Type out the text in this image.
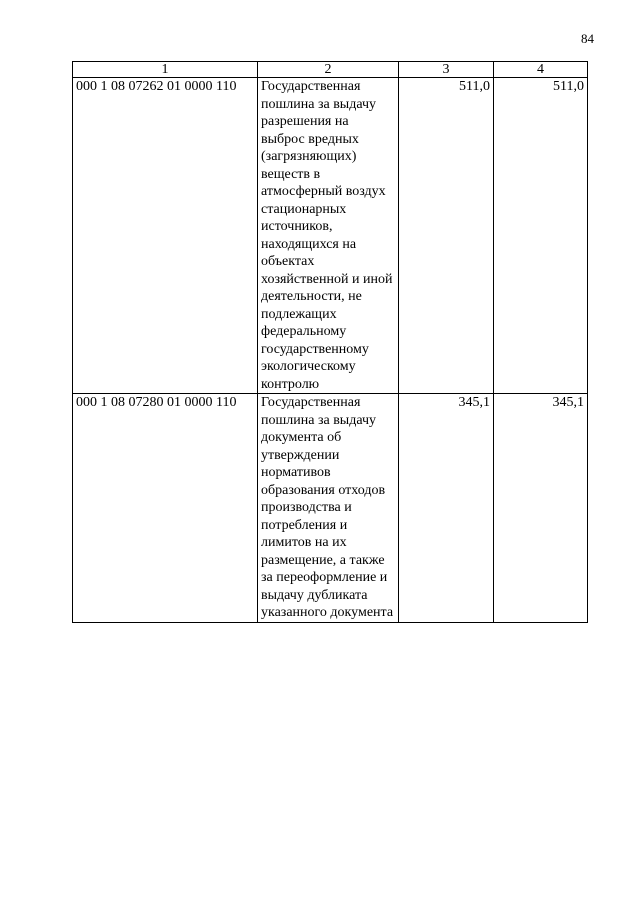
84
1	2	3	4
000 1 08 07262 01 0000 110	Государственная пошлина за выдачу разрешения на выброс вредных (загрязняющих) веществ в атмосферный воздух стационарных источников, находящихся на объектах хозяйственной и иной деятельности, не подлежащих федеральному государственному экологическому контролю	511,0	511,0
000 1 08 07280 01 0000 110	Государственная пошлина за выдачу документа об утверждении нормативов образования отходов производства и потребления и лимитов на их размещение, а также за переоформление и выдачу дубликата указанного документа	345,1	345,1
